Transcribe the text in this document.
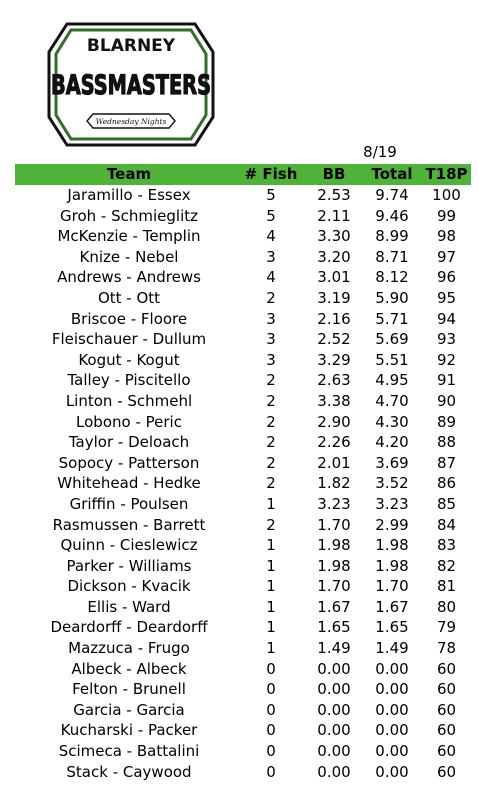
BLARNEY
BASSMASTERS
Wednesday Nights
8/19
Team	# Fish	BB	Total T18P
Jaramillo - Essex	5	2.53	9.74	100
Groh - Schmieglitz	5	2.11	9.46	99
McKenzie - Templin	4	3.30	8.99	98
Knize - Nebel	3	3.20	8.71	97
Andrews - Andrews	4	3.01	8.12	96
Ott - Ott	2	3.19	5.90	95
Briscoe - Floore	3	2.16	5.71	94
Fleischauer - Dullum	3	2.52	5.69	93
Kogut - Kogut	3	3.29	5.51	92
Talley - Piscitello	2	2.63	4.95	91
Linton - Schmehl	2	3.38	4.70	90
Lobono - Peric	2	2.90	4.30	89
Taylor - Deloach	2	2.26	4.20	88
Sopocy - Patterson	2	2.01	3.69	87
Whitehead - Hedke	2	1.82	3.52	86
Griffin - Poulsen	1	3.23	3.23	85
Rasmussen - Barrett	2	1.70	2.99	84
Quinn - Cieslewicz	1	1.98	1.98	83
Parker - Williams	1	1.98	1.98	82
Dickson - Kvacik	1	1.70	1.70	81
Ellis - Ward	1	1.67	1.67	80
Deardorff - Deardorff	1	1.65	1.65	79
Mazzuca - Frugo	1	1.49	1.49	78
Albeck - Albeck	0	0.00	0.00	60
Felton - Brunell	0	0.00	0.00	60
Garcia - Garcia	0	0.00	0.00	60
Kucharski - Packer	0	0.00	0.00	60
Scimeca - Battalini	0	0.00	0.00	60
Stack - Caywood	0	0.00	0.00	60
